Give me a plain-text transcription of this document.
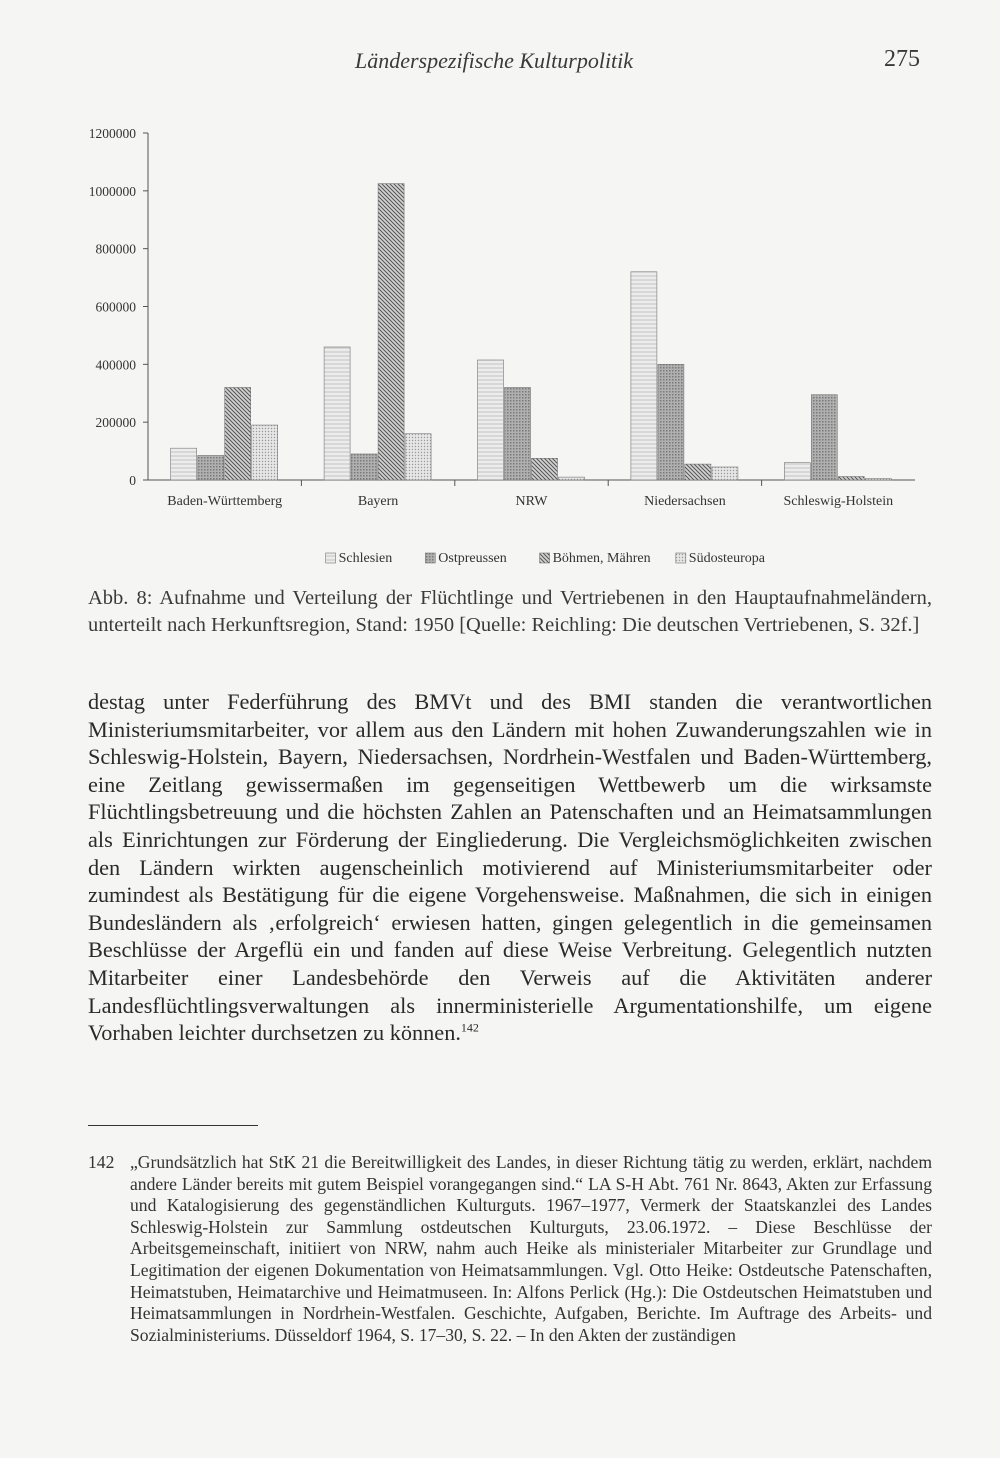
Länderspezifische Kulturpolitik	275
0
200000
400000
600000
800000
1000000
1200000
Baden-Württemberg	Bayern	NRW	Niedersachsen	Schleswig-Holstein
Schlesien	Ostpreussen	Böhmen, Mähren	Südosteuropa
Abb. 8: Aufnahme und Verteilung der Flüchtlinge und Vertriebenen in den Hauptaufnahmeländern, unterteilt nach Herkunftsregion, Stand: 1950 [Quelle: Reichling: Die deutschen Vertriebenen, S. 32f.]

destag unter Federführung des BMVt und des BMI standen die verantwortlichen Ministeriumsmitarbeiter, vor allem aus den Ländern mit hohen Zuwanderungszahlen wie in Schleswig-Holstein, Bayern, Niedersachsen, Nordrhein-Westfalen und Baden-Württemberg, eine Zeitlang gewissermaßen im gegenseitigen Wettbewerb um die wirksamste Flüchtlingsbetreuung und die höchsten Zahlen an Patenschaften und an Heimatsammlungen als Einrichtungen zur Förderung der Eingliederung. Die Vergleichsmöglichkeiten zwischen den Ländern wirkten augenscheinlich motivierend auf Ministeriumsmitarbeiter oder zumindest als Bestätigung für die eigene Vorgehensweise. Maßnahmen, die sich in einigen Bundesländern als ‚erfolgreich‘ erwiesen hatten, gingen gelegentlich in die gemeinsamen Beschlüsse der Argeflü ein und fanden auf diese Weise Verbreitung. Gelegentlich nutzten Mitarbeiter einer Landesbehörde den Verweis auf die Aktivitäten anderer Landesflüchtlingsverwaltungen als innerministerielle Argumentationshilfe, um eigene Vorhaben leichter durchsetzen zu können.$^{142}$

142 „Grundsätzlich hat StK 21 die Bereitwilligkeit des Landes, in dieser Richtung tätig zu werden, erklärt, nachdem andere Länder bereits mit gutem Beispiel vorangegangen sind.“ LA S-H Abt. 761 Nr. 8643, Akten zur Erfassung und Katalogisierung des gegenständlichen Kulturguts. 1967–1977, Vermerk der Staatskanzlei des Landes Schleswig-Holstein zur Sammlung ostdeutschen Kulturguts, 23.06.1972. – Diese Beschlüsse der Arbeitsgemeinschaft, initiiert von NRW, nahm auch Heike als ministerialer Mitarbeiter zur Grundlage und Legitimation der eigenen Dokumentation von Heimatsammlungen. Vgl. Otto Heike: Ostdeutsche Patenschaften, Heimatstuben, Heimatarchive und Heimatmuseen. In: Alfons Perlick (Hg.): Die Ostdeutschen Heimatstuben und Heimatsammlungen in Nordrhein-Westfalen. Geschichte, Aufgaben, Berichte. Im Auftrage des Arbeits- und Sozialministeriums. Düsseldorf 1964, S. 17–30, S. 22. – In den Akten der zuständigen
